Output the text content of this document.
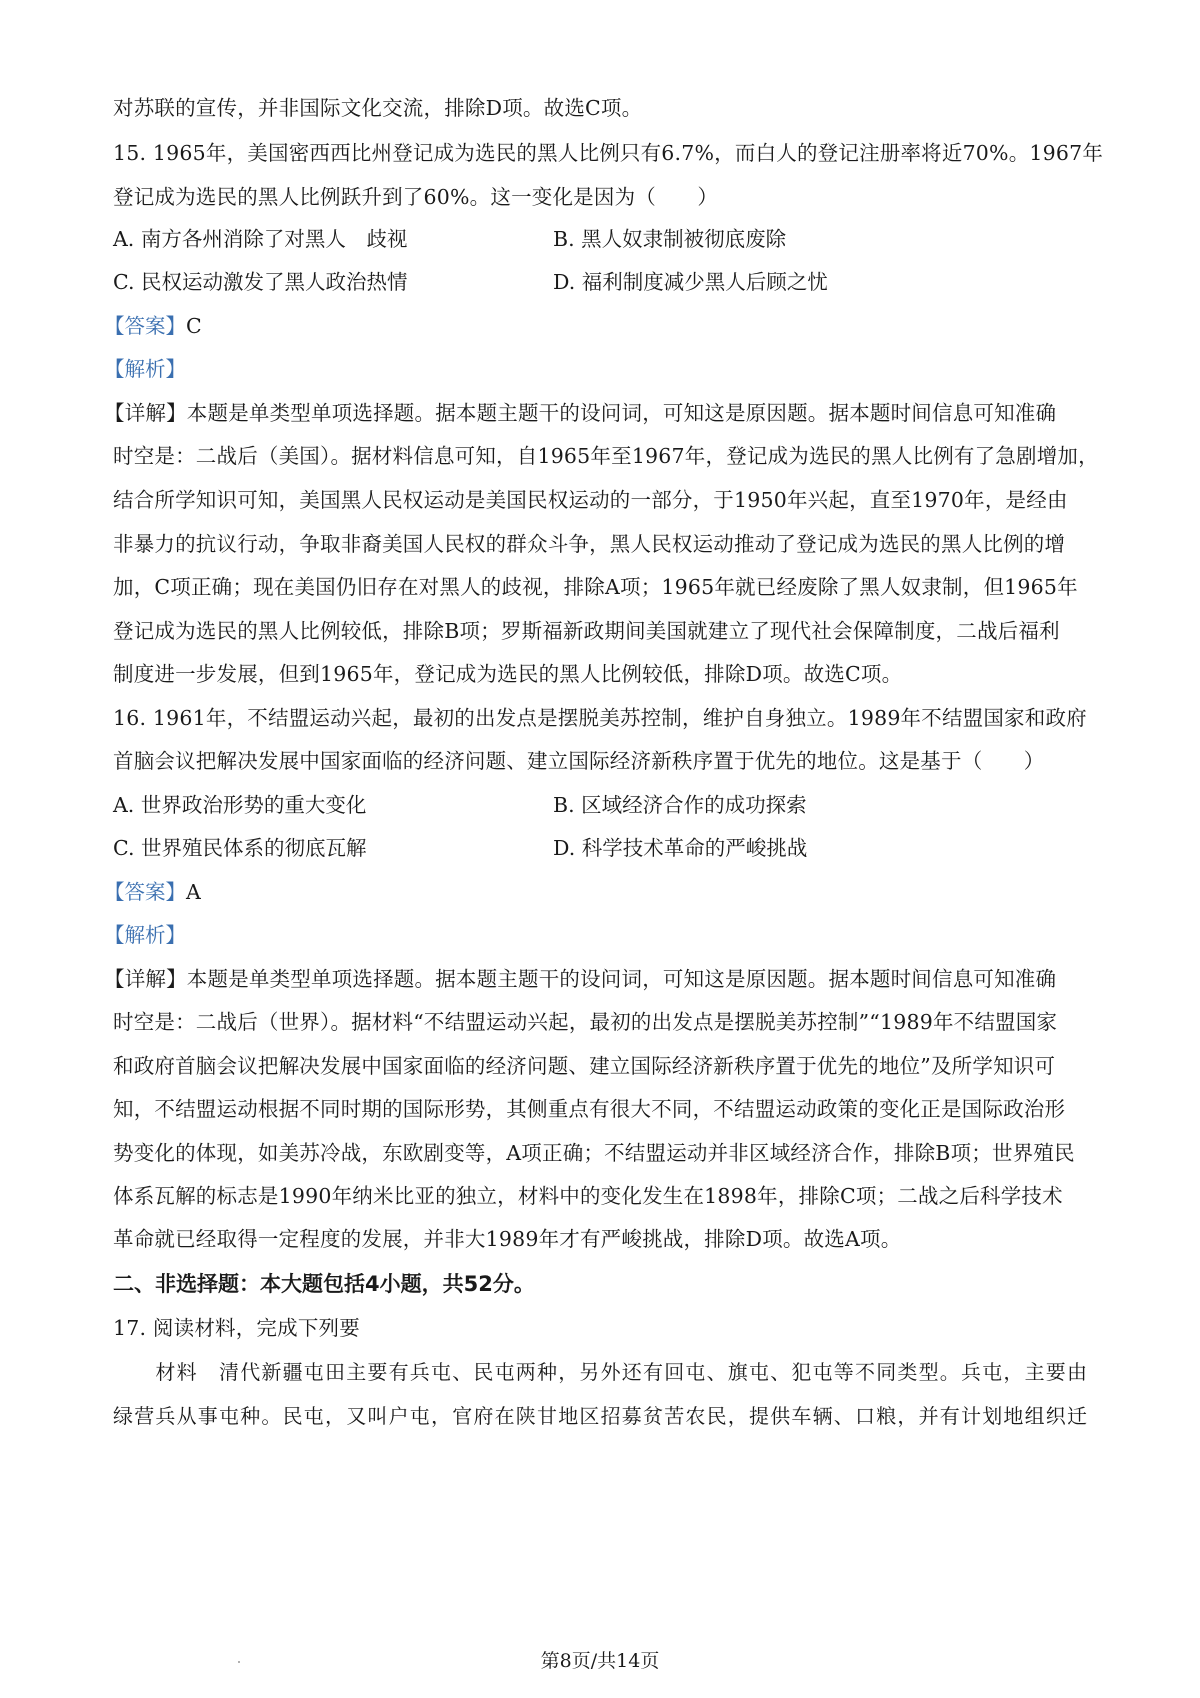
对苏联的宣传，并非国际文化交流，排除D项。故选C项。
15. 1965年，美国密西西比州登记成为选民的黑人比例只有6.7%，而白人的登记注册率将近70%。1967年
登记成为选民的黑人比例跃升到了60%。这一变化是因为（　　）
A. 南方各州消除了对黑人　歧视	B. 黑人奴隶制被彻底废除
C. 民权运动激发了黑人政治热情	D. 福利制度减少黑人后顾之忧
【答案】C
【解析】
【详解】本题是单类型单项选择题。据本题主题干的设问词，可知这是原因题。据本题时间信息可知准确
时空是：二战后（美国）。据材料信息可知，自1965年至1967年，登记成为选民的黑人比例有了急剧增加，
结合所学知识可知，美国黑人民权运动是美国民权运动的一部分，于1950年兴起，直至1970年，是经由
非暴力的抗议行动，争取非裔美国人民权的群众斗争，黑人民权运动推动了登记成为选民的黑人比例的增
加，C项正确；现在美国仍旧存在对黑人的歧视，排除A项；1965年就已经废除了黑人奴隶制，但1965年
登记成为选民的黑人比例较低，排除B项；罗斯福新政期间美国就建立了现代社会保障制度，二战后福利
制度进一步发展，但到1965年，登记成为选民的黑人比例较低，排除D项。故选C项。
16. 1961年，不结盟运动兴起，最初的出发点是摆脱美苏控制，维护自身独立。1989年不结盟国家和政府
首脑会议把解决发展中国家面临的经济问题、建立国际经济新秩序置于优先的地位。这是基于（　　）
A. 世界政治形势的重大变化	B. 区域经济合作的成功探索
C. 世界殖民体系的彻底瓦解	D. 科学技术革命的严峻挑战
【答案】A
【解析】
【详解】本题是单类型单项选择题。据本题主题干的设问词，可知这是原因题。据本题时间信息可知准确
时空是：二战后（世界）。据材料“不结盟运动兴起，最初的出发点是摆脱美苏控制”“1989年不结盟国家
和政府首脑会议把解决发展中国家面临的经济问题、建立国际经济新秩序置于优先的地位”及所学知识可
知，不结盟运动根据不同时期的国际形势，其侧重点有很大不同，不结盟运动政策的变化正是国际政治形
势变化的体现，如美苏冷战，东欧剧变等，A项正确；不结盟运动并非区域经济合作，排除B项；世界殖民
体系瓦解的标志是1990年纳米比亚的独立，材料中的变化发生在1898年，排除C项；二战之后科学技术
革命就已经取得一定程度的发展，并非大1989年才有严峻挑战，排除D项。故选A项。
二、非选择题：本大题包括4小题，共52分。
17. 阅读材料，完成下列要
　　材料　清代新疆屯田主要有兵屯、民屯两种，另外还有回屯、旗屯、犯屯等不同类型。兵屯，主要由
绿营兵从事屯种。民屯，又叫户屯，官府在陕甘地区招募贫苦农民，提供车辆、口粮，并有计划地组织迁
第8页/共14页
